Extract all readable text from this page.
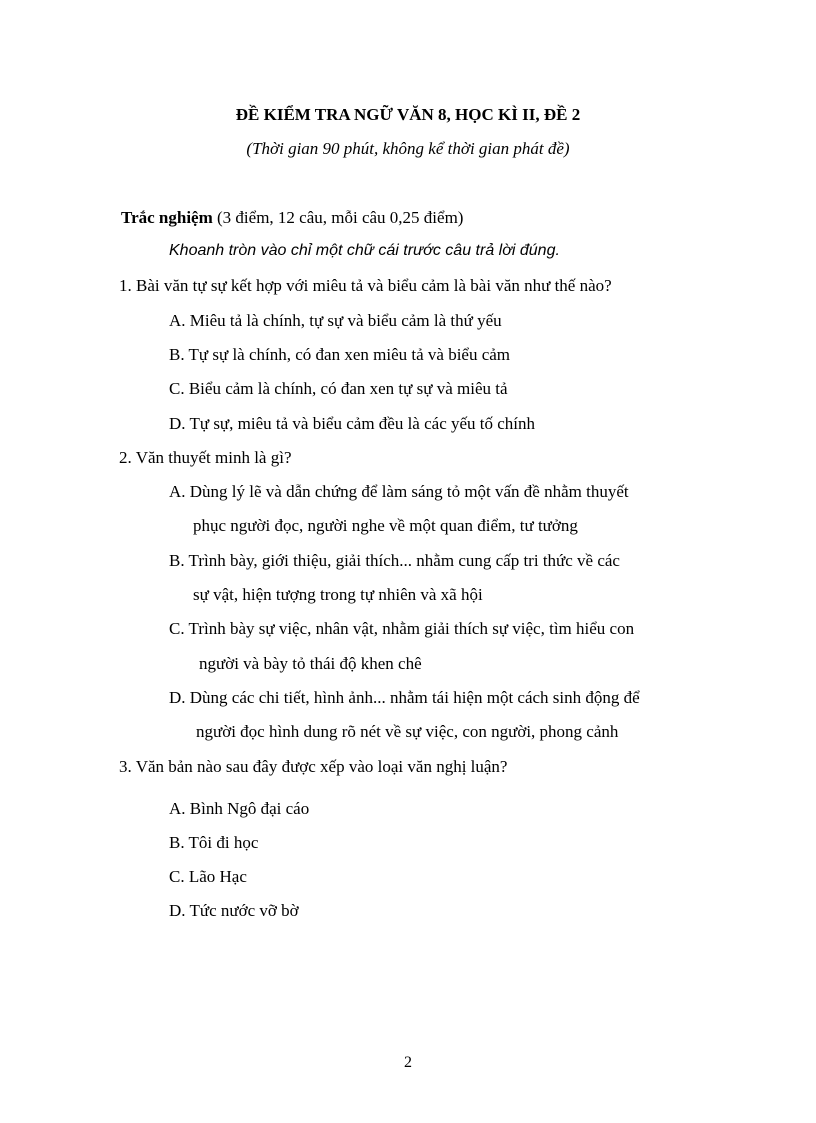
ĐỀ KIỂM TRA NGỮ VĂN 8, HỌC KÌ II, ĐỀ 2
(Thời gian 90 phút, không kể thời gian phát đề)
Trắc nghiệm (3 điểm, 12 câu, mỗi câu 0,25 điểm)
Khoanh tròn vào chỉ một chữ cái trước câu trả lời đúng.
1. Bài văn tự sự kết hợp với miêu tả và biểu cảm là bài văn như thế nào?
A. Miêu tả là chính, tự sự và biểu cảm là thứ yếu
B. Tự sự là chính, có đan xen miêu tả và biểu cảm
C. Biểu cảm là chính, có đan xen tự sự và miêu tả
D. Tự sự, miêu tả và biểu cảm đều là các yếu tố chính
2. Văn thuyết minh là gì?
A. Dùng lý lẽ và dẫn chứng để làm sáng tỏ một vấn đề nhằm thuyết
phục người đọc, người nghe về một quan điểm, tư tưởng
B. Trình bày, giới thiệu, giải thích... nhằm cung cấp tri thức về các
sự vật, hiện tượng trong tự nhiên và xã hội
C. Trình bày sự việc, nhân vật, nhằm giải thích sự việc, tìm hiểu con
người và bày tỏ thái độ khen chê
D. Dùng các chi tiết, hình ảnh... nhằm tái hiện một cách sinh động để
người đọc hình dung rõ nét về sự việc, con người, phong cảnh
3. Văn bản nào sau đây được xếp vào loại văn nghị luận?
A. Bình Ngô đại cáo
B. Tôi đi học
C. Lão Hạc
D. Tức nước vỡ bờ
2
